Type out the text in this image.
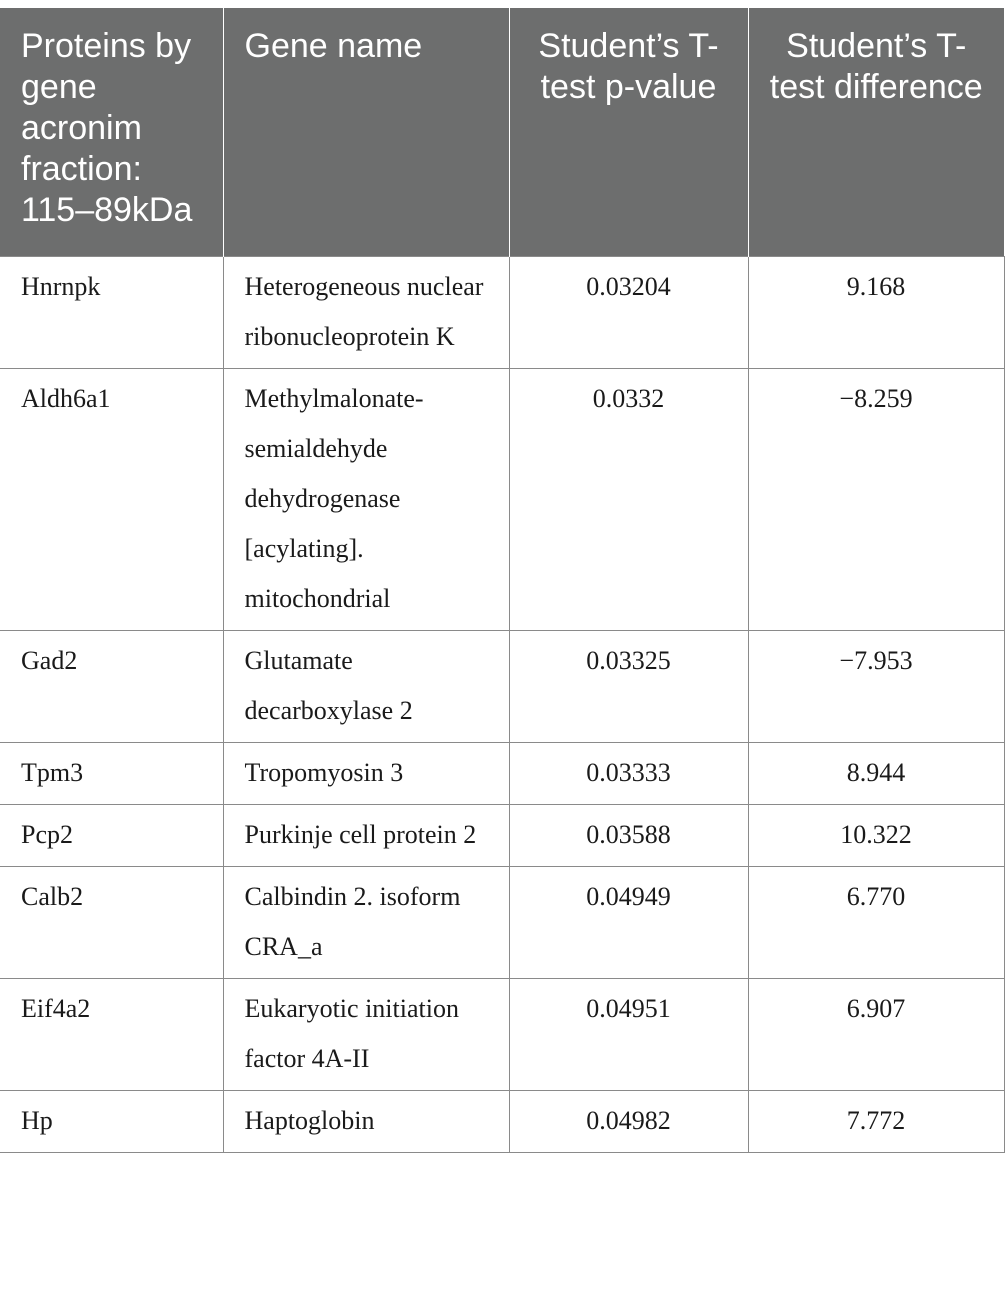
Proteins by gene acronim fraction: 115–89kDa	Gene name	Student’s T-test p-value	Student’s T-test difference
Hnrnpk	Heterogeneous nuclear ribonucleoprotein K	0.03204	9.168
Aldh6a1	Methylmalonate-semialdehyde dehydrogenase [acylating]. mitochondrial	0.0332	−8.259
Gad2	Glutamate decarboxylase 2	0.03325	−7.953
Tpm3	Tropomyosin 3	0.03333	8.944
Pcp2	Purkinje cell protein 2	0.03588	10.322
Calb2	Calbindin 2. isoform CRA_a	0.04949	6.770
Eif4a2	Eukaryotic initiation factor 4A-II	0.04951	6.907
Hp	Haptoglobin	0.04982	7.772
